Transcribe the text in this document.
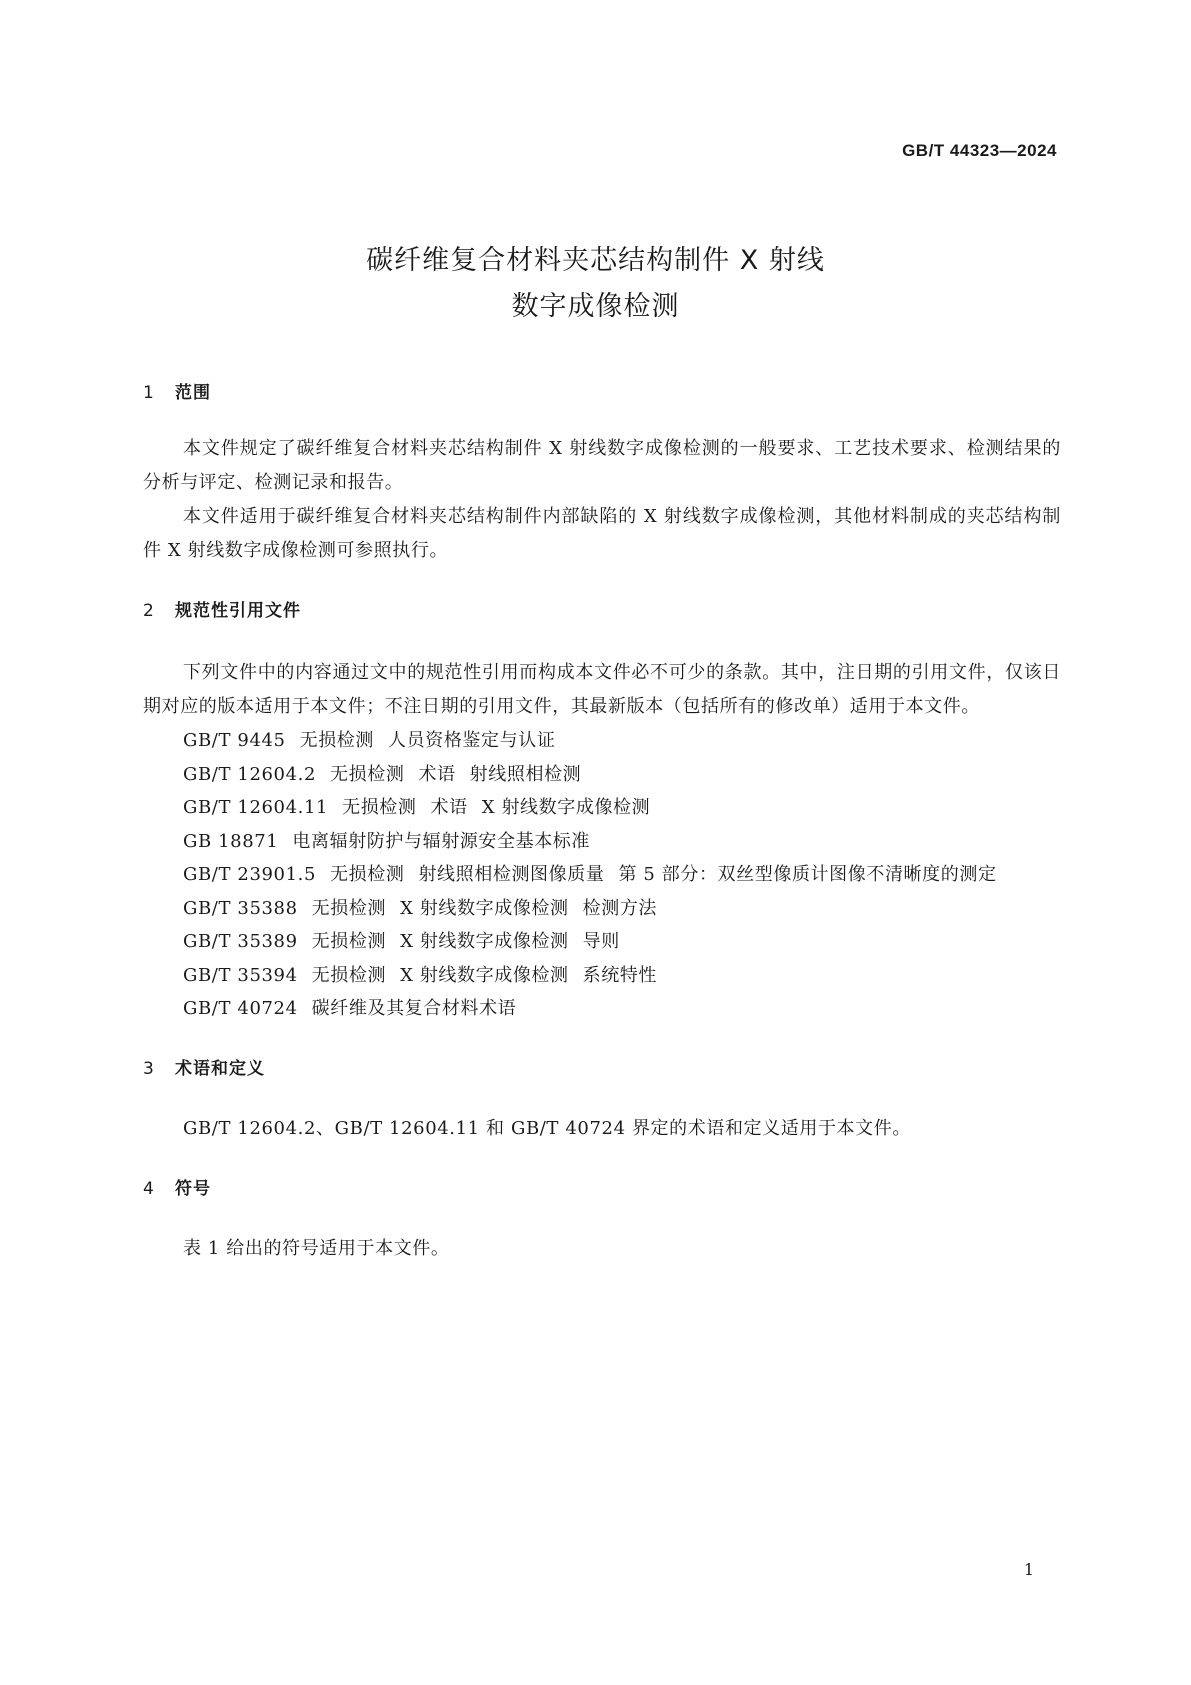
GB/T 44323—2024
碳纤维复合材料夹芯结构制件 X 射线
数字成像检测
1 范围

本文件规定了碳纤维复合材料夹芯结构制件 X 射线数字成像检测的一般要求、工艺技术要求、检测结果的分析与评定、检测记录和报告。

本文件适用于碳纤维复合材料夹芯结构制件内部缺陷的 X 射线数字成像检测，其他材料制成的夹芯结构制件 X 射线数字成像检测可参照执行。

2 规范性引用文件

下列文件中的内容通过文中的规范性引用而构成本文件必不可少的条款。其中，注日期的引用文件，仅该日期对应的版本适用于本文件；不注日期的引用文件，其最新版本（包括所有的修改单）适用于本文件。

GB/T 9445 无损检测 人员资格鉴定与认证
GB/T 12604.2 无损检测 术语 射线照相检测
GB/T 12604.11 无损检测 术语 X 射线数字成像检测
GB 18871 电离辐射防护与辐射源安全基本标准
GB/T 23901.5 无损检测 射线照相检测图像质量 第 5 部分：双丝型像质计图像不清晰度的测定
GB/T 35388 无损检测 X 射线数字成像检测 检测方法
GB/T 35389 无损检测 X 射线数字成像检测 导则
GB/T 35394 无损检测 X 射线数字成像检测 系统特性
GB/T 40724 碳纤维及其复合材料术语
3 术语和定义

GB/T 12604.2、GB/T 12604.11 和 GB/T 40724 界定的术语和定义适用于本文件。

4 符号

表 1 给出的符号适用于本文件。

1
